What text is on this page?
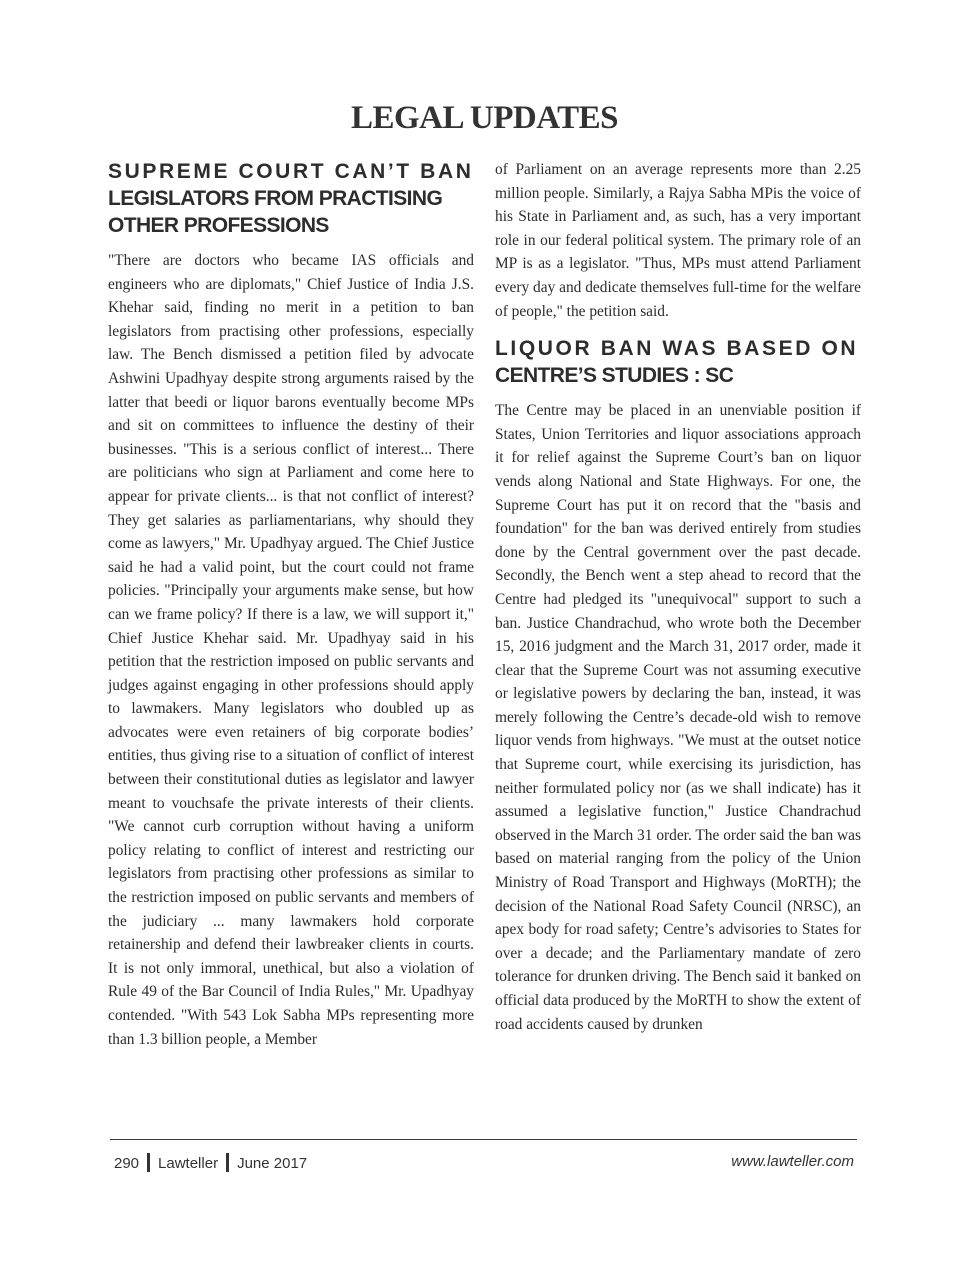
LEGAL UPDATES
SUPREME COURT CAN’T BAN
LEGISLATORS FROM PRACTISING
OTHER PROFESSIONS

"There are doctors who became IAS officials and engineers who are diplomats," Chief Justice of India J.S. Khehar said, finding no merit in a petition to ban legislators from practising other professions, especially law. The Bench dismissed a petition filed by advocate Ashwini Upadhyay despite strong arguments raised by the latter that beedi or liquor barons eventually become MPs and sit on committees to influence the destiny of their businesses. "This is a serious conflict of interest... There are politicians who sign at Parliament and come here to appear for private clients... is that not conflict of interest? They get salaries as parliamentarians, why should they come as lawyers," Mr. Upadhyay argued. The Chief Justice said he had a valid point, but the court could not frame policies. "Principally your arguments make sense, but how can we frame policy? If there is a law, we will support it," Chief Justice Khehar said. Mr. Upadhyay said in his petition that the restriction imposed on public servants and judges against engaging in other professions should apply to lawmakers. Many legislators who doubled up as advocates were even retainers of big corporate bodies’ entities, thus giving rise to a situation of conflict of interest between their constitutional duties as legislator and lawyer meant to vouchsafe the private interests of their clients. "We cannot curb corruption without having a uniform policy relating to conflict of interest and restricting our legislators from practising other professions as similar to the restriction imposed on public servants and members of the judiciary ... many lawmakers hold corporate retainership and defend their lawbreaker clients in courts. It is not only immoral, unethical, but also a violation of Rule 49 of the Bar Council of India Rules," Mr. Upadhyay contended. "With 543 Lok Sabha MPs representing more than 1.3 billion people, a Member

of Parliament on an average represents more than 2.25 million people. Similarly, a Rajya Sabha MPis the voice of his State in Parliament and, as such, has a very important role in our federal political system. The primary role of an MP is as a legislator. "Thus, MPs must attend Parliament every day and dedicate themselves full-time for the welfare of people," the petition said.

LIQUOR BAN WAS BASED ON
CENTRE’S STUDIES : SC

The Centre may be placed in an unenviable position if States, Union Territories and liquor associations approach it for relief against the Supreme Court’s ban on liquor vends along National and State Highways. For one, the Supreme Court has put it on record that the "basis and foundation" for the ban was derived entirely from studies done by the Central government over the past decade. Secondly, the Bench went a step ahead to record that the Centre had pledged its "unequivocal" support to such a ban. Justice Chandrachud, who wrote both the December 15, 2016 judgment and the March 31, 2017 order, made it clear that the Supreme Court was not assuming executive or legislative powers by declaring the ban, instead, it was merely following the Centre’s decade-old wish to remove liquor vends from highways. "We must at the outset notice that Supreme court, while exercising its jurisdiction, has neither formulated policy nor (as we shall indicate) has it assumed a legislative function," Justice Chandrachud observed in the March 31 order. The order said the ban was based on material ranging from the policy of the Union Ministry of Road Transport and Highways (MoRTH); the decision of the National Road Safety Council (NRSC), an apex body for road safety; Centre’s advisories to States for over a decade; and the Parliamentary mandate of zero tolerance for drunken driving. The Bench said it banked on official data produced by the MoRTH to show the extent of road accidents caused by drunken

290 Lawteller June 2017	www.lawteller.com
